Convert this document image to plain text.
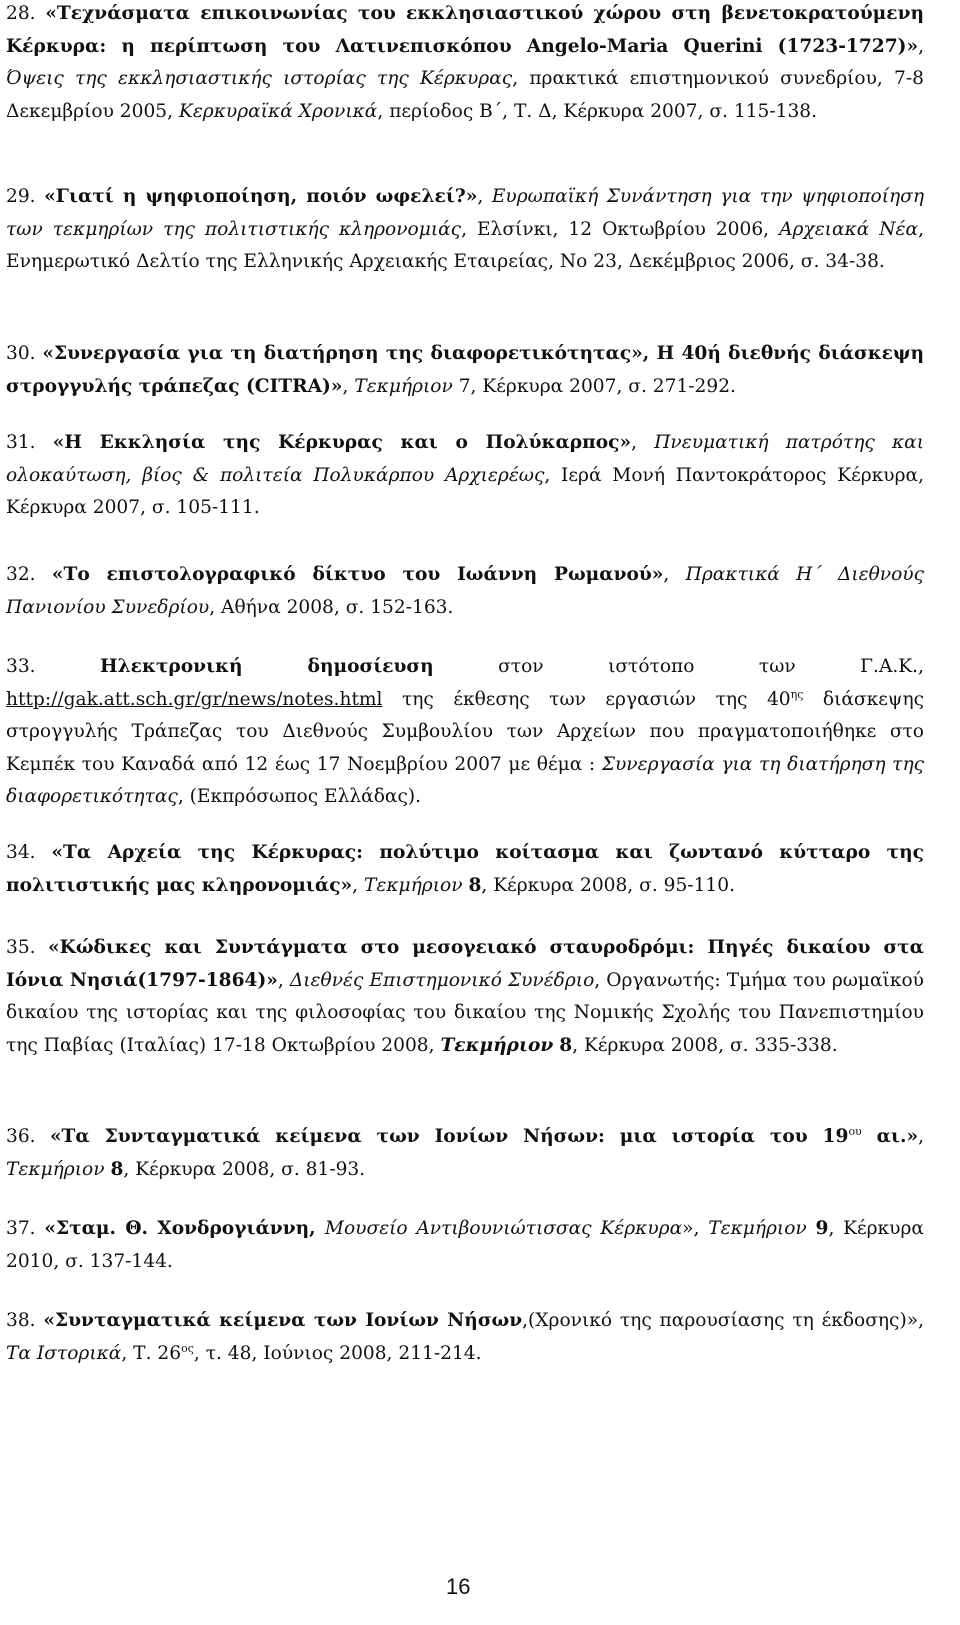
28. «Τεχνάσματα επικοινωνίας του εκκλησιαστικού χώρου στη βενετοκρατούμενη Κέρκυρα: η περίπτωση του Λατινεπισκόπου Angelo-Maria Querini (1723-1727)», Όψεις της εκκλησιαστικής ιστορίας της Κέρκυρας, πρακτικά επιστημονικού συνεδρίου, 7-8 Δεκεμβρίου 2005, Κερκυραϊκά Χρονικά, περίοδος Β΄, Τ. Δ, Κέρκυρα 2007, σ. 115-138.

29. «Γιατί η ψηφιοποίηση, ποιόν ωφελεί?», Ευρωπαϊκή Συνάντηση για την ψηφιοποίηση των τεκμηρίων της πολιτιστικής κληρονομιάς, Ελσίνκι, 12 Οκτωβρίου 2006, Αρχειακά Νέα, Ενημερωτικό Δελτίο της Ελληνικής Αρχειακής Εταιρείας, Νο 23, Δεκέμβριος 2006, σ. 34-38.

30. «Συνεργασία για τη διατήρηση της διαφορετικότητας», Η 40ή διεθνής διάσκεψη στρογγυλής τράπεζας (CITRA)», Τεκμήριον 7, Κέρκυρα 2007, σ. 271-292.

31. «Η Εκκλησία της Κέρκυρας και ο Πολύκαρπος», Πνευματική πατρότης και ολοκαύτωση, βίος & πολιτεία Πολυκάρπου Αρχιερέως, Ιερά Μονή Παντοκράτορος Κέρκυρα, Κέρκυρα 2007, σ. 105-111.

32. «Το επιστολογραφικό δίκτυο του Ιωάννη Ρωμανού», Πρακτικά Η΄ Διεθνούς Πανιονίου Συνεδρίου, Αθήνα 2008, σ. 152-163.

33. Ηλεκτρονική δημοσίευση στον ιστότοπο των Γ.Α.Κ., http://gak.att.sch.gr/gr/news/notes.html της έκθεσης των εργασιών της $40^{\eta\varsigma}$ διάσκεψης στρογγυλής Τράπεζας του Διεθνούς Συμβουλίου των Αρχείων που πραγματοποιήθηκε στο Κεμπέκ του Καναδά από 12 έως 17 Νοεμβρίου 2007 με θέμα : Συνεργασία για τη διατήρηση της διαφορετικότητας, (Εκπρόσωπος Ελλάδας).

34. «Τα Αρχεία της Κέρκυρας: πολύτιμο κοίτασμα και ζωντανό κύτταρο της πολιτιστικής μας κληρονομιάς», Τεκμήριον 8, Κέρκυρα 2008, σ. 95-110.

35. «Κώδικες και Συντάγματα στο μεσογειακό σταυροδρόμι: Πηγές δικαίου στα Ιόνια Νησιά(1797-1864)», Διεθνές Επιστημονικό Συνέδριο, Οργανωτής: Τμήμα του ρωμαϊκού δικαίου της ιστορίας και της φιλοσοφίας του δικαίου της Νομικής Σχολής του Πανεπιστημίου της Παβίας (Ιταλίας) 17-18 Οκτωβρίου 2008, Τεκμήριον 8, Κέρκυρα 2008, σ. 335-338.

36. «Τα Συνταγματικά κείμενα των Ιονίων Νήσων: μια ιστορία του $19^{o\upsilon}$ αι.», Τεκμήριον 8, Κέρκυρα 2008, σ. 81-93.

37. «Σταμ. Θ. Χονδρογιάννη, Μουσείο Αντιβουνιώτισσας Κέρκυρα», Τεκμήριον 9, Κέρκυρα 2010, σ. 137-144.

38. «Συνταγματικά κείμενα των Ιονίων Νήσων,(Χρονικό της παρουσίασης τη έκδοσης)», Τα Ιστορικά, Τ. $26^{o\varsigma}$, τ. 48, Ιούνιος 2008, 211-214.

16
